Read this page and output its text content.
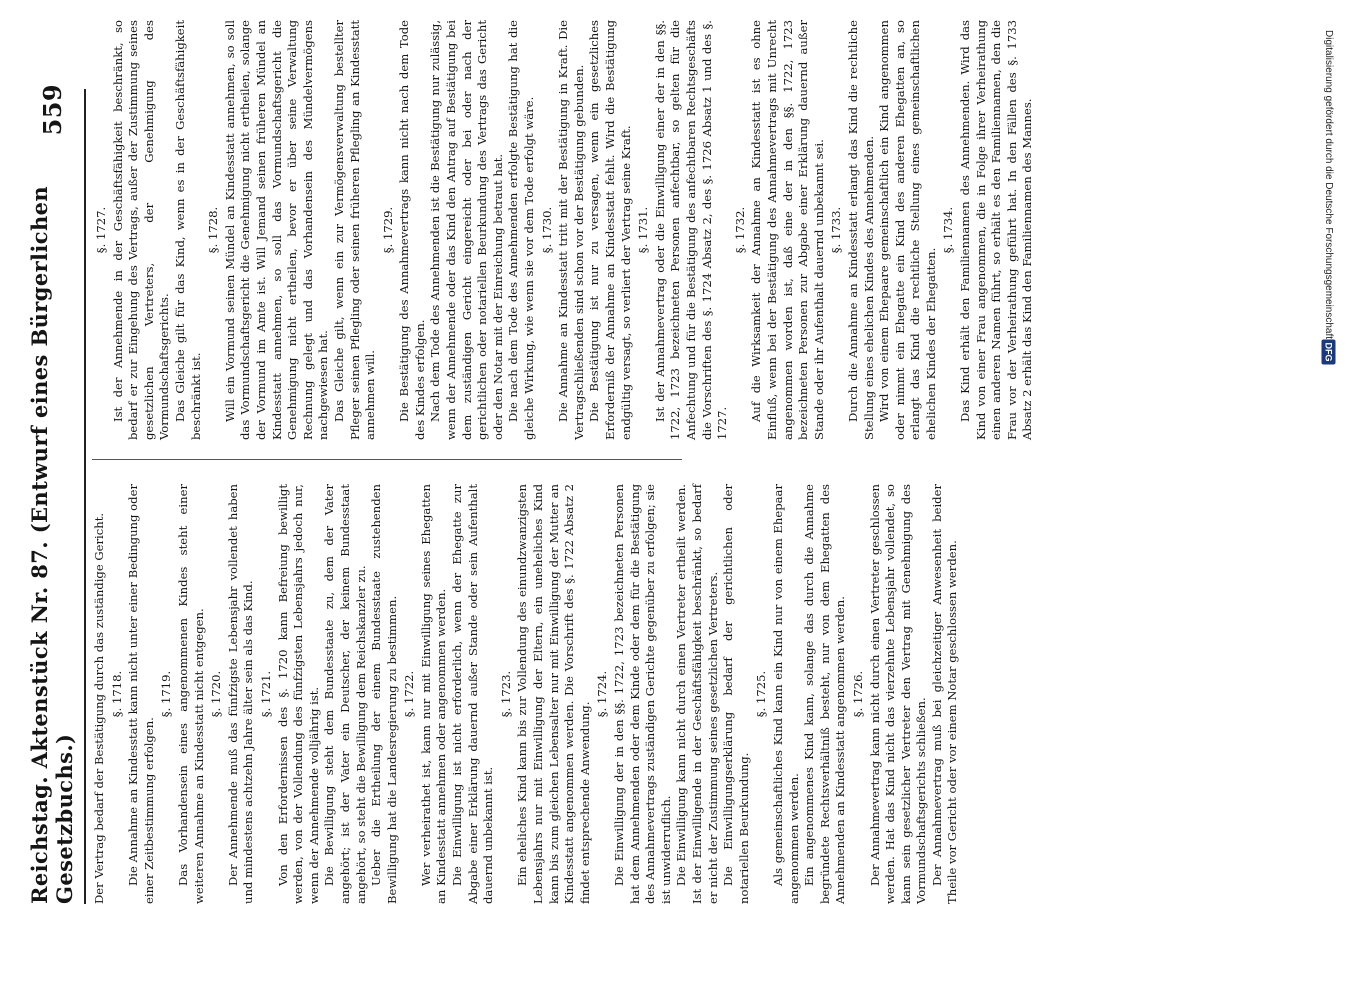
Reichstag. Aktenstück Nr. 87. (Entwurf eines Bürgerlichen Gesetzbuchs.)
559
Der Vertrag bedarf der Bestätigung durch das zuständige Gericht. §. 1718. Die Annahme an Kindesstatt kann nicht unter einer Bedingung oder einer Zeitbestimmung erfolgen.
§. 1719. Das Vorhandensein eines angenommenen Kindes steht einer weiteren Annahme an Kindesstatt nicht entgegen. §. 1720. Der Annehmende muß das fünfzigste Lebensjahr vollendet haben und mindestens achtzehn Jahre älter sein als das Kind. §. 1721. Von den Erfordernissen des §. 1720 kann Befreiung bewilligt werden, von der Vollendung des fünfzigsten Lebensjahrs jedoch nur, wenn der Annehmende volljährig ist. Die Bewilligung steht dem Bundesstaate zu, dem der Vater angehört; ist der Vater ein Deutscher, der keinem Bundesstaat angehört, so steht die Bewilligung dem Reichskanzler zu. Ueber die Ertheilung der einem Bundesstaate zustehenden Bewilligung hat die Landesregierung zu bestimmen. §. 1722. Wer verheirathet ist, kann nur mit Einwilligung seines Ehegatten an Kindesstatt annehmen oder angenommen werden. Die Einwilligung ist nicht erforderlich, wenn der Ehegatte zur Abgabe einer Erklärung dauernd außer Stande oder sein Aufenthalt dauernd unbekannt ist.
§. 1723. Ein eheliches Kind kann bis zur Vollendung des einundzwanzigsten Lebensjahrs nur mit Einwilligung der Eltern, ein uneheliches Kind kann bis zum gleichen Lebensalter nur mit Einwilligung der Mutter an Kindesstatt angenommen werden. Die Vorschrift des §. 1722 Absatz 2 findet entsprechende Anwendung.
§. 1724. Die Einwilligung der in den §§. 1722, 1723 bezeichneten Personen hat dem Annehmenden oder dem Kinde oder dem für die Bestätigung des Annahmevertrags zuständigen Gerichte gegenüber zu erfolgen; sie ist unwiderruflich. Die Einwilligung kann nicht durch einen Vertreter ertheilt werden. Ist der Einwilligende in der Geschäftsfähigkeit beschränkt, so bedarf er nicht der Zustimmung seines gesetzlichen Vertreters. Die Einwilligungserklärung bedarf der gerichtlichen oder notariellen Beurkundung.
§. 1725. Als gemeinschaftliches Kind kann ein Kind nur von einem Ehepaar angenommen werden. Ein angenommenes Kind kann, solange das durch die Annahme begründete Rechtsverhältniß besteht, nur von dem Ehegatten des Annehmenden an Kindesstatt angenommen werden. §. 1726. Der Annahmevertrag kann nicht durch einen Vertreter geschlossen werden. Hat das Kind nicht das vierzehnte Lebensjahr vollendet, so kann sein gesetzlicher Vertreter den Vertrag mit Genehmigung des Vormundschaftsgerichts schließen. Der Annahmevertrag muß bei gleichzeitiger Anwesenheit beider Theile vor Gericht oder vor einem Notar geschlossen werden.
§. 1727. Ist der Annehmende in der Geschäftsfähigkeit beschränkt, so bedarf er zur Eingehung des Vertrags, außer der Zustimmung seines gesetzlichen Vertreters, der Genehmigung des Vormundschaftsgerichts. Das Gleiche gilt für das Kind, wenn es in der Geschäftsfähigkeit beschränkt ist.
§. 1728. Will ein Vormund seinen Mündel an Kindesstatt annehmen, so soll das Vormundschaftsgericht die Genehmigung nicht ertheilen, solange der Vormund im Amte ist. Will Jemand seinen früheren Mündel an Kindesstatt annehmen, so soll das Vormundschaftsgericht die Genehmigung nicht ertheilen, bevor er über seine Verwaltung Rechnung gelegt und das Vorhandensein des Mündelvermögens nachgewiesen hat. Das Gleiche gilt, wenn ein zur Vermögensverwaltung bestellter Pfleger seinen Pflegling oder seinen früheren Pflegling an Kindesstatt annehmen will.
§. 1729. Die Bestätigung des Annahmevertrags kann nicht nach dem Tode des Kindes erfolgen. Nach dem Tode des Annehmenden ist die Bestätigung nur zulässig, wenn der Annehmende oder das Kind den Antrag auf Bestätigung bei dem zuständigen Gericht eingereicht oder bei oder nach der gerichtlichen oder notariellen Beurkundung des Vertrags das Gericht oder den Notar mit der Einreichung betraut hat. Die nach dem Tode des Annehmenden erfolgte Bestätigung hat die gleiche Wirkung, wie wenn sie vor dem Tode erfolgt wäre. §. 1730. Die Annahme an Kindesstatt tritt mit der Bestätigung in Kraft. Die Vertragschließenden sind schon vor der Bestätigung gebunden. Die Bestätigung ist nur zu versagen, wenn ein gesetzliches Erforderniß der Annahme an Kindesstatt fehlt. Wird die Bestätigung endgültig versagt, so verliert der Vertrag seine Kraft. §. 1731. Ist der Annahmevertrag oder die Einwilligung einer der in den §§. 1722, 1723 bezeichneten Personen anfechtbar, so gelten für die Anfechtung und für die Bestätigung des anfechtbaren Rechtsgeschäfts die Vorschriften des §. 1724 Absatz 2, des §. 1726 Absatz 1 und des §. 1727.
§. 1732. Auf die Wirksamkeit der Annahme an Kindesstatt ist es ohne Einfluß, wenn bei der Bestätigung des Annahmevertrags mit Unrecht angenommen worden ist, daß eine der in den §§. 1722, 1723 bezeichneten Personen zur Abgabe einer Erklärung dauernd außer Stande oder ihr Aufenthalt dauernd unbekannt sei. §. 1733. Durch die Annahme an Kindesstatt erlangt das Kind die rechtliche Stellung eines ehelichen Kindes des Annehmenden. Wird von einem Ehepaare gemeinschaftlich ein Kind angenommen oder nimmt ein Ehegatte ein Kind des anderen Ehegatten an, so erlangt das Kind die rechtliche Stellung eines gemeinschaftlichen ehelichen Kindes der Ehegatten.
§. 1734. Das Kind erhält den Familiennamen des Annehmenden. Wird das Kind von einer Frau angenommen, die in Folge ihrer Verheirathung einen anderen Namen führt, so erhält es den Familiennamen, den die Frau vor der Verheirathung geführt hat. In den Fällen des §. 1733 Absatz 2 erhält das Kind den Familiennamen des Mannes.	Digitalisierung gefördert durch die Deutsche Forschungsgemeinschaft
DFG
